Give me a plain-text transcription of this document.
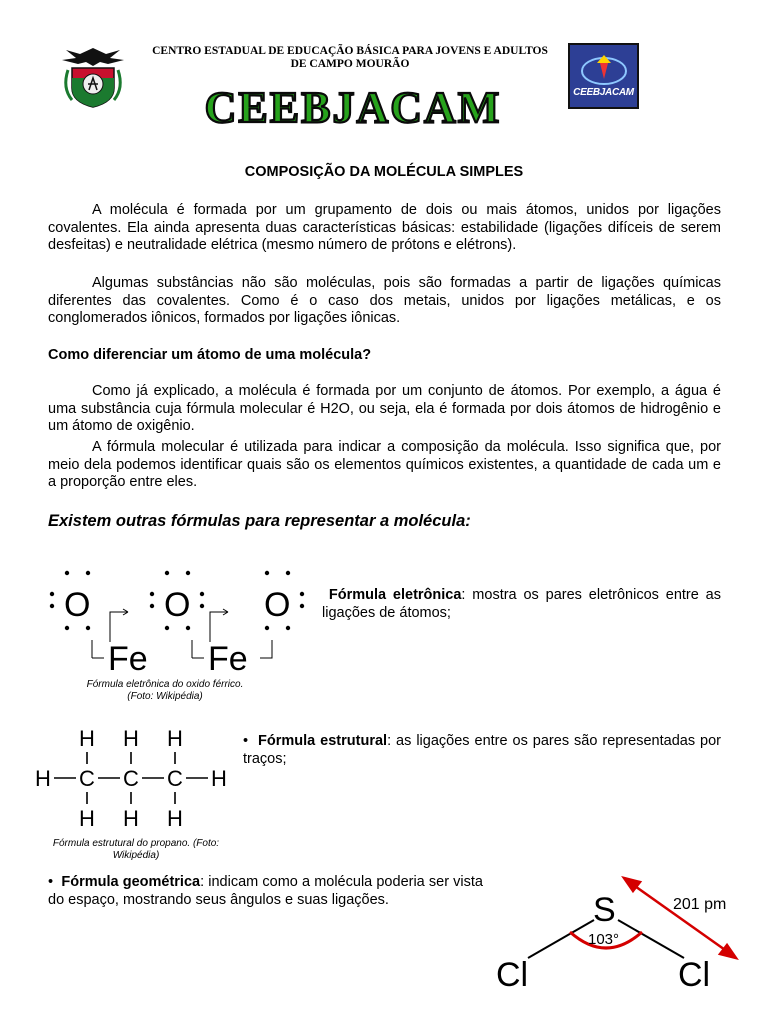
CENTRO ESTADUAL DE EDUCAÇÃO BÁSICA PARA JOVENS E ADULTOS
DE CAMPO MOURÃO
CEEBJACAM	CEEBJACAM
COMPOSIÇÃO DA MOLÉCULA SIMPLES
A molécula é formada por um grupamento de dois ou mais átomos, unidos por ligações covalentes. Ela ainda apresenta duas características básicas: estabilidade (ligações difíceis de serem desfeitas) e neutralidade elétrica (mesmo número de prótons e elétrons).
Algumas substâncias não são moléculas, pois são formadas a partir de ligações químicas diferentes das covalentes. Como é o caso dos metais, unidos por ligações metálicas, e os conglomerados iônicos, formados por ligações iônicas.
Como diferenciar um átomo de uma molécula?
Como já explicado, a molécula é formada por um conjunto de átomos. Por exemplo, a água é uma substância cuja fórmula molecular é H2O, ou seja, ela é formada por dois átomos de hidrogênio e um átomo de oxigênio.
A fórmula molecular é utilizada para indicar a composição da molécula. Isso significa que, por meio dela podemos identificar quais são os elementos químicos existentes, a quantidade de cada um e a proporção entre eles.
Existem outras fórmulas para representar a molécula:
O O O
Fe Fe
Fórmula eletrônica do oxido férrico.
(Foto: Wikipédia)
Fórmula eletrônica: mostra os pares eletrônicos entre as ligações de átomos;
H H H
H C C C H
H H H
Fórmula estrutural do propano. (Foto:
Wikipédia)
• Fórmula estrutural: as ligações entre os pares são representadas por traços;
• Fórmula geométrica: indicam como a molécula poderia ser vista do espaço, mostrando seus ângulos e suas ligações.	S
Cl	Cl
103°
201 pm
